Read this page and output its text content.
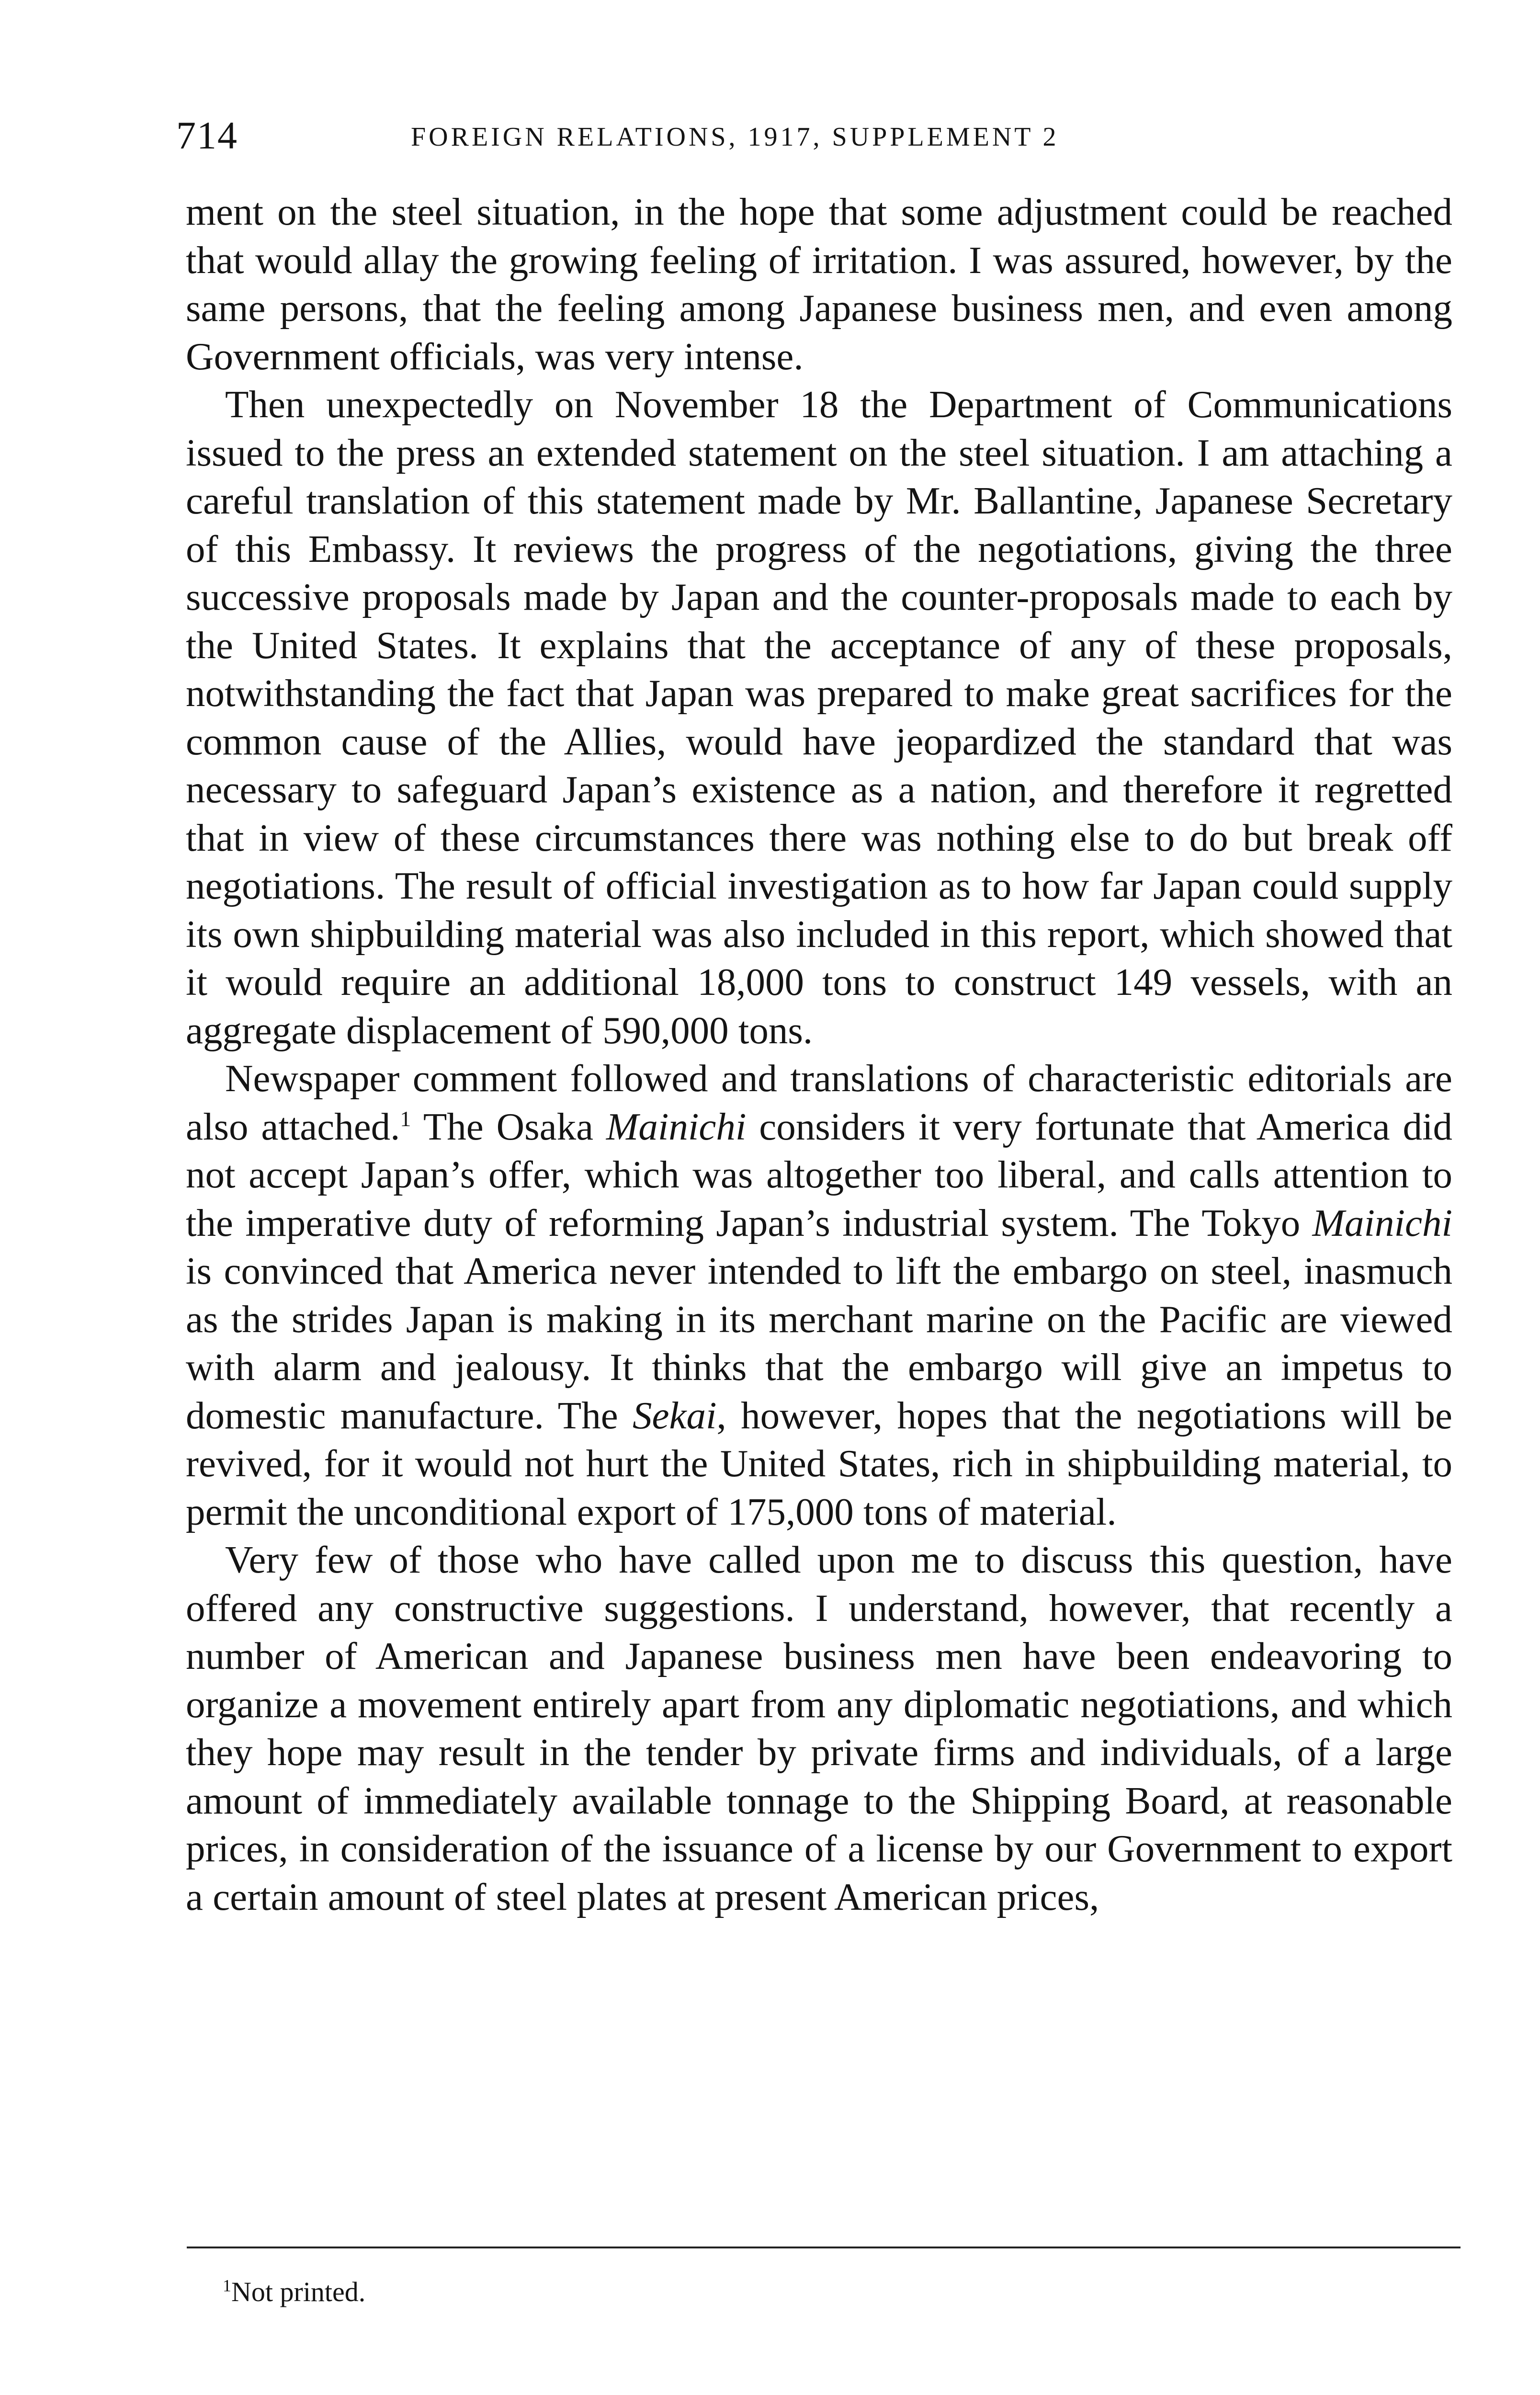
714	FOREIGN RELATIONS, 1917, SUPPLEMENT 2

ment on the steel situation, in the hope that some adjustment could be reached that would allay the growing feeling of irritation. I was assured, however, by the same persons, that the feeling among Japanese business men, and even among Government officials, was very intense.

Then unexpectedly on November 18 the Department of Communications issued to the press an extended statement on the steel situation. I am attaching a careful translation of this statement made by Mr. Ballantine, Japanese Secretary of this Embassy. It reviews the progress of the negotiations, giving the three successive proposals made by Japan and the counter-proposals made to each by the United States. It explains that the acceptance of any of these proposals, notwithstanding the fact that Japan was prepared to make great sacrifices for the common cause of the Allies, would have jeopardized the standard that was necessary to safeguard Japan’s existence as a nation, and therefore it regretted that in view of these circumstances there was nothing else to do but break off negotiations. The result of official investigation as to how far Japan could supply its own shipbuilding material was also included in this report, which showed that it would require an additional 18,000 tons to construct 149 vessels, with an aggregate displacement of 590,000 tons.

Newspaper comment followed and translations of characteristic editorials are also attached.$^1$ The Osaka Mainichi considers it very fortunate that America did not accept Japan’s offer, which was altogether too liberal, and calls attention to the imperative duty of reforming Japan’s industrial system. The Tokyo Mainichi is convinced that America never intended to lift the embargo on steel, inasmuch as the strides Japan is making in its merchant marine on the Pacific are viewed with alarm and jealousy. It thinks that the embargo will give an impetus to domestic manufacture. The Sekai, however, hopes that the negotiations will be revived, for it would not hurt the United States, rich in shipbuilding material, to permit the unconditional export of 175,000 tons of material.

Very few of those who have called upon me to discuss this question, have offered any constructive suggestions. I understand, however, that recently a number of American and Japanese business men have been endeavoring to organize a movement entirely apart from any diplomatic negotiations, and which they hope may result in the tender by private firms and individuals, of a large amount of immediately available tonnage to the Shipping Board, at reasonable prices, in consideration of the issuance of a license by our Government to export a certain amount of steel plates at present American prices,

$^1$Not printed.
